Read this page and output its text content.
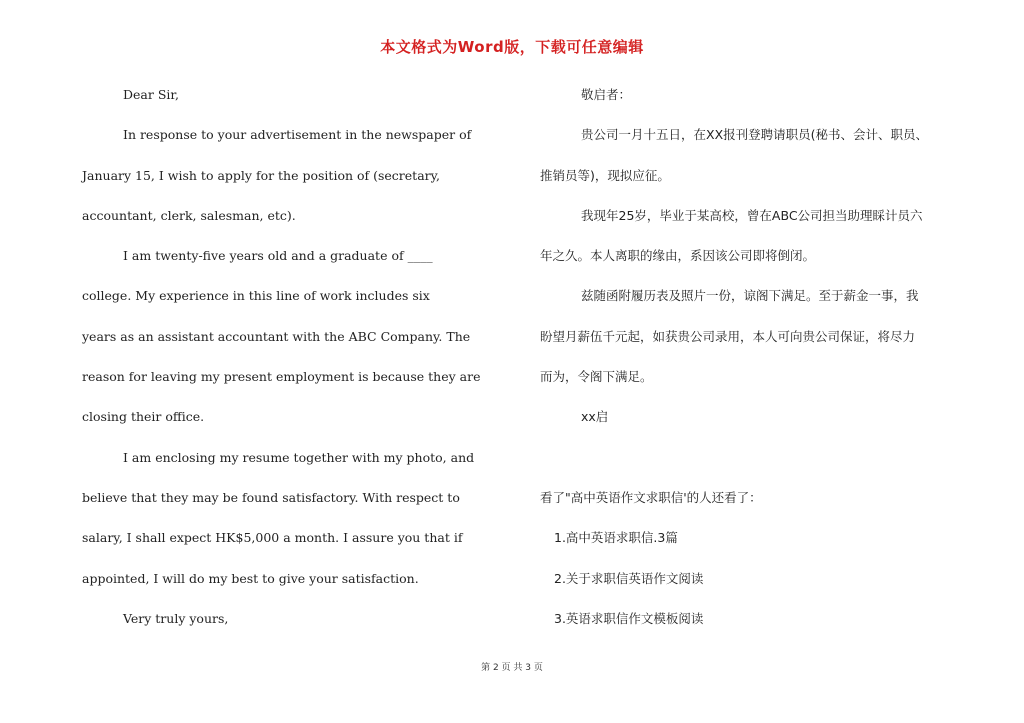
本文格式为Word版，下载可任意编辑

Dear Sir,

In response to your advertisement in the newspaper of

January 15, I wish to apply for the position of (secretary,

accountant, clerk, salesman, etc).

I am twenty-five years old and a graduate of ____

college. My experience in this line of work includes six

years as an assistant accountant with the ABC Company. The

reason for leaving my present employment is because they are

closing their office.

I am enclosing my resume together with my photo, and

believe that they may be found satisfactory. With respect to

salary, I shall expect HK$5,000 a month. I assure you that if

appointed, I will do my best to give your satisfaction.

Very truly yours,

敬启者：

贵公司一月十五日，在XX报刊登聘请职员(秘书、会计、职员、

推销员等)，现拟应征。

我现年25岁，毕业于某高校，曾在ABC公司担当助理睬计员六

年之久。本人离职的缘由，系因该公司即将倒闭。

兹随函附履历表及照片一份，谅阁下满足。至于薪金一事，我

盼望月薪伍千元起，如获贵公司录用，本人可向贵公司保证，将尽力

而为，令阁下满足。

xx启

看了"高中英语作文求职信'的人还看了：

1.高中英语求职信.3篇

2.关于求职信英语作文阅读

3.英语求职信作文模板阅读

第 2 页 共 3 页
